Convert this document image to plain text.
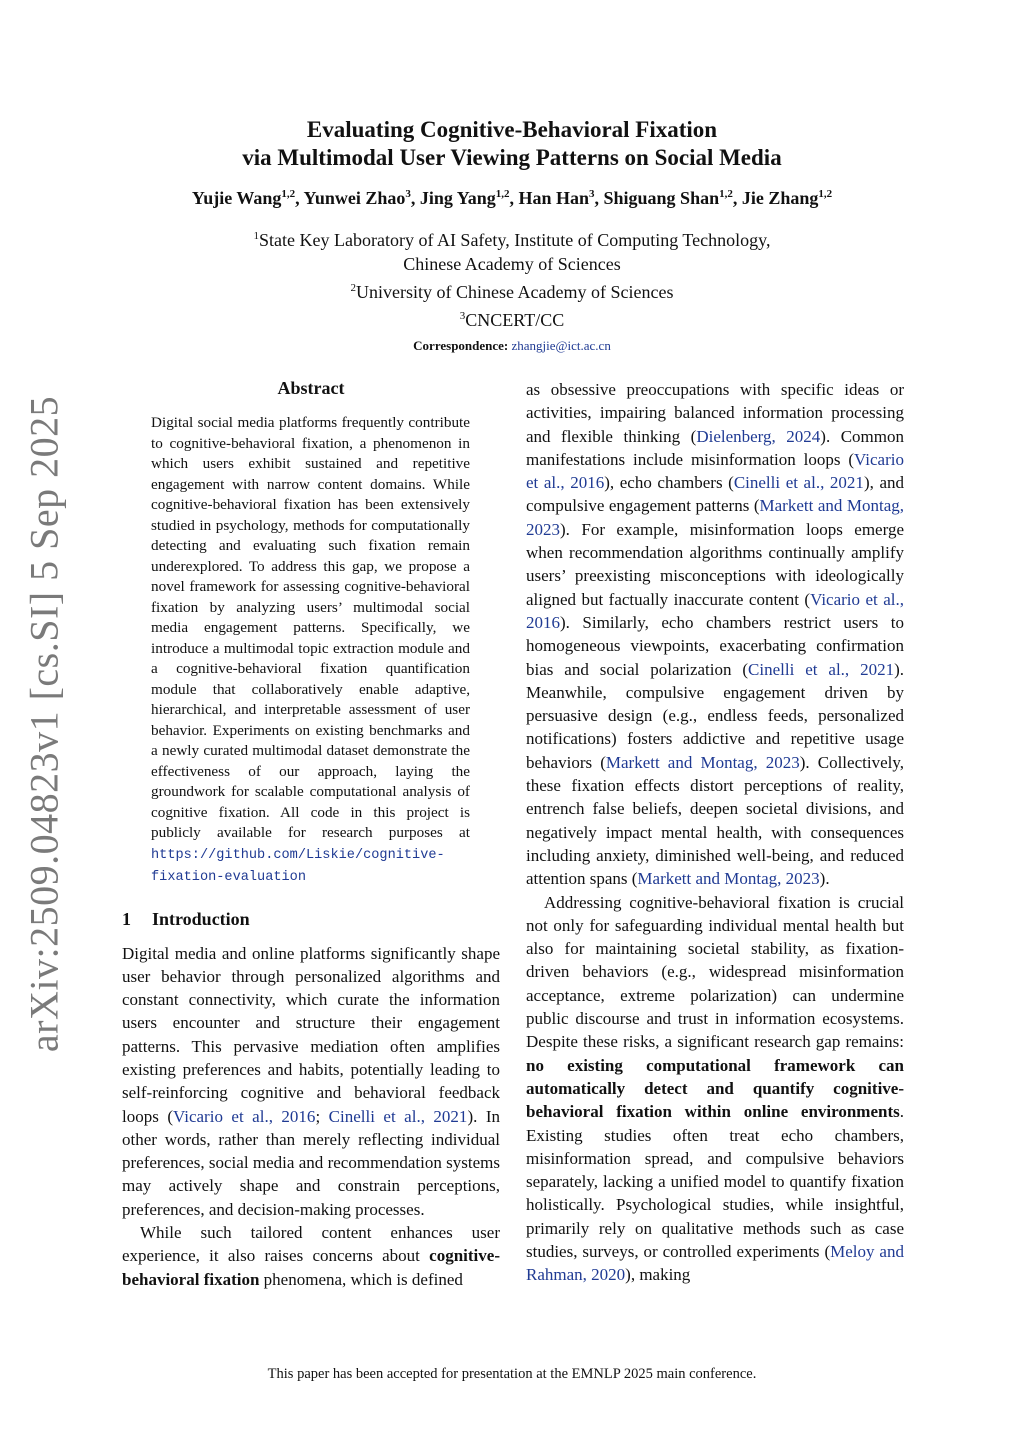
arXiv:2509.04823v1 [cs.SI] 5 Sep 2025
Evaluating Cognitive-Behavioral Fixation
via Multimodal User Viewing Patterns on Social Media
Yujie Wang$^{1,2}$, Yunwei Zhao$^3$, Jing Yang$^{1,2}$, Han Han$^3$, Shiguang Shan$^{1,2}$, Jie Zhang$^{1,2}$
$^1$State Key Laboratory of AI Safety, Institute of Computing Technology,
Chinese Academy of Sciences
$^2$University of Chinese Academy of Sciences
$^3$CNCERT/CC
Correspondence: zhangjie@ict.ac.cn
Abstract

Digital social media platforms frequently contribute to cognitive-behavioral fixation, a phenomenon in which users exhibit sustained and repetitive engagement with narrow content domains. While cognitive-behavioral fixation has been extensively studied in psychology, methods for computationally detecting and evaluating such fixation remain underexplored. To address this gap, we propose a novel framework for assessing cognitive-behavioral fixation by analyzing users’ multimodal social media engagement patterns. Specifically, we introduce a multimodal topic extraction module and a cognitive-behavioral fixation quantification module that collaboratively enable adaptive, hierarchical, and interpretable assessment of user behavior. Experiments on existing benchmarks and a newly curated multimodal dataset demonstrate the effectiveness of our approach, laying the groundwork for scalable computational analysis of cognitive fixation. All code in this project is publicly available for research purposes at https://github.com/Liskie/cognitive-fixation-evaluation

1 Introduction

Digital media and online platforms significantly shape user behavior through personalized algorithms and constant connectivity, which curate the information users encounter and structure their engagement patterns. This pervasive mediation often amplifies existing preferences and habits, potentially leading to self-reinforcing cognitive and behavioral feedback loops (Vicario et al., 2016; Cinelli et al., 2021). In other words, rather than merely reflecting individual preferences, social media and recommendation systems may actively shape and constrain perceptions, preferences, and decision-making processes.

While such tailored content enhances user experience, it also raises concerns about cognitive-behavioral fixation phenomena, which is defined

as obsessive preoccupations with specific ideas or activities, impairing balanced information processing and flexible thinking (Dielenberg, 2024). Common manifestations include misinformation loops (Vicario et al., 2016), echo chambers (Cinelli et al., 2021), and compulsive engagement patterns (Markett and Montag, 2023). For example, misinformation loops emerge when recommendation algorithms continually amplify users’ preexisting misconceptions with ideologically aligned but factually inaccurate content (Vicario et al., 2016). Similarly, echo chambers restrict users to homogeneous viewpoints, exacerbating confirmation bias and social polarization (Cinelli et al., 2021). Meanwhile, compulsive engagement driven by persuasive design (e.g., endless feeds, personalized notifications) fosters addictive and repetitive usage behaviors (Markett and Montag, 2023). Collectively, these fixation effects distort perceptions of reality, entrench false beliefs, deepen societal divisions, and negatively impact mental health, with consequences including anxiety, diminished well-being, and reduced attention spans (Markett and Montag, 2023).

Addressing cognitive-behavioral fixation is crucial not only for safeguarding individual mental health but also for maintaining societal stability, as fixation-driven behaviors (e.g., widespread misinformation acceptance, extreme polarization) can undermine public discourse and trust in information ecosystems. Despite these risks, a significant research gap remains: no existing computational framework can automatically detect and quantify cognitive-behavioral fixation within online environments. Existing studies often treat echo chambers, misinformation spread, and compulsive behaviors separately, lacking a unified model to quantify fixation holistically. Psychological studies, while insightful, primarily rely on qualitative methods such as case studies, surveys, or controlled experiments (Meloy and Rahman, 2020), making

This paper has been accepted for presentation at the EMNLP 2025 main conference.
